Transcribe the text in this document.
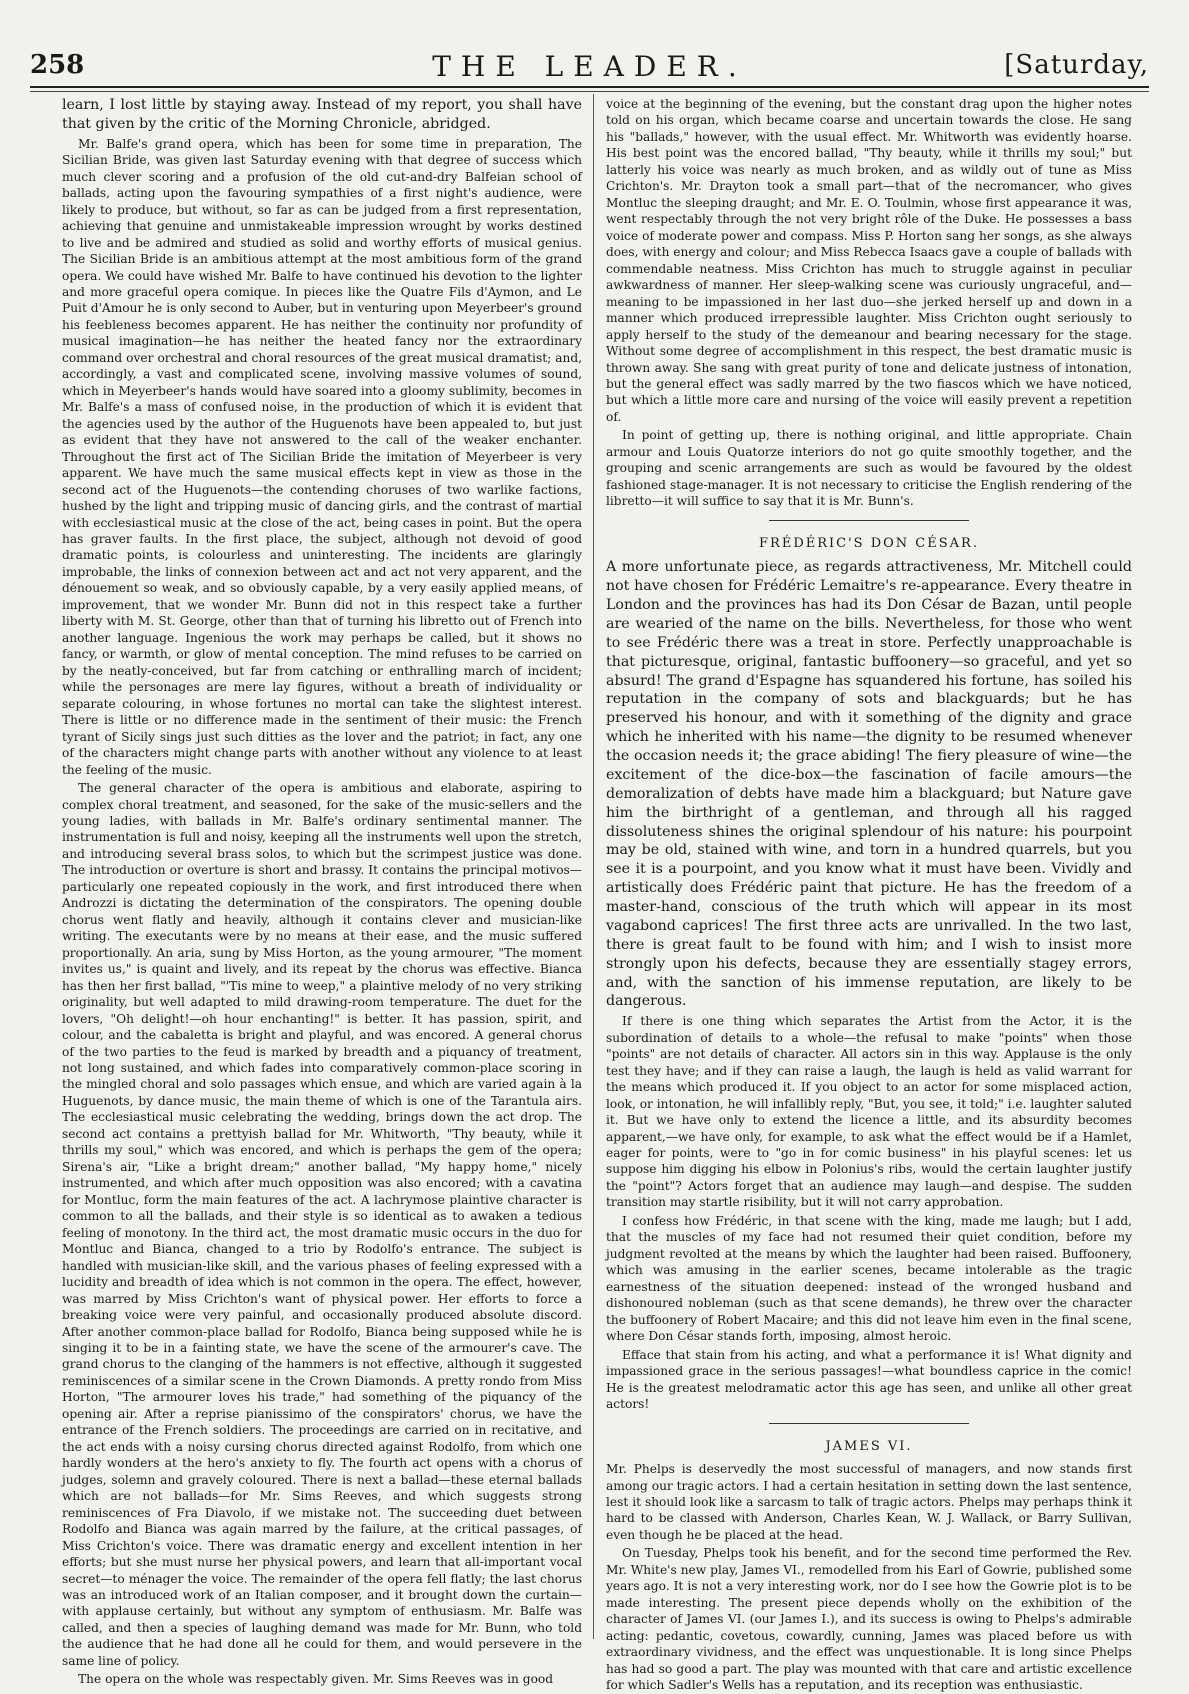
258	THE LEADER.	[Saturday,

learn, I lost little by staying away. Instead of my report, you shall have that given by the critic of the Morning Chronicle, abridged.

Mr. Balfe's grand opera, which has been for some time in preparation, The Sicilian Bride, was given last Saturday evening with that degree of success which much clever scoring and a profusion of the old cut-and-dry Balfeian school of ballads, acting upon the favouring sympathies of a first night's audience, were likely to produce, but without, so far as can be judged from a first representation, achieving that genuine and unmistakeable impression wrought by works destined to live and be admired and studied as solid and worthy efforts of musical genius. The Sicilian Bride is an ambitious attempt at the most ambitious form of the grand opera. We could have wished Mr. Balfe to have continued his devotion to the lighter and more graceful opera comique. In pieces like the Quatre Fils d'Aymon, and Le Puit d'Amour he is only second to Auber, but in venturing upon Meyerbeer's ground his feebleness becomes apparent. He has neither the continuity nor profundity of musical imagination—he has neither the heated fancy nor the extraordinary command over orchestral and choral resources of the great musical dramatist; and, accordingly, a vast and complicated scene, involving massive volumes of sound, which in Meyerbeer's hands would have soared into a gloomy sublimity, becomes in Mr. Balfe's a mass of confused noise, in the production of which it is evident that the agencies used by the author of the Huguenots have been appealed to, but just as evident that they have not answered to the call of the weaker enchanter. Throughout the first act of The Sicilian Bride the imitation of Meyerbeer is very apparent. We have much the same musical effects kept in view as those in the second act of the Huguenots—the contending choruses of two warlike factions, hushed by the light and tripping music of dancing girls, and the contrast of martial with ecclesiastical music at the close of the act, being cases in point. But the opera has graver faults. In the first place, the subject, although not devoid of good dramatic points, is colourless and uninteresting. The incidents are glaringly improbable, the links of connexion between act and act not very apparent, and the dénouement so weak, and so obviously capable, by a very easily applied means, of improvement, that we wonder Mr. Bunn did not in this respect take a further liberty with M. St. George, other than that of turning his libretto out of French into another language. Ingenious the work may perhaps be called, but it shows no fancy, or warmth, or glow of mental conception. The mind refuses to be carried on by the neatly-conceived, but far from catching or enthralling march of incident; while the personages are mere lay figures, without a breath of individuality or separate colouring, in whose fortunes no mortal can take the slightest interest. There is little or no difference made in the sentiment of their music: the French tyrant of Sicily sings just such ditties as the lover and the patriot; in fact, any one of the characters might change parts with another without any violence to at least the feeling of the music.

The general character of the opera is ambitious and elaborate, aspiring to complex choral treatment, and seasoned, for the sake of the music-sellers and the young ladies, with ballads in Mr. Balfe's ordinary sentimental manner. The instrumentation is full and noisy, keeping all the instruments well upon the stretch, and introducing several brass solos, to which but the scrimpest justice was done. The introduction or overture is short and brassy. It contains the principal motivos—particularly one repeated copiously in the work, and first introduced there when Androzzi is dictating the determination of the conspirators. The opening double chorus went flatly and heavily, although it contains clever and musician-like writing. The executants were by no means at their ease, and the music suffered proportionally. An aria, sung by Miss Horton, as the young armourer, "The moment invites us," is quaint and lively, and its repeat by the chorus was effective. Bianca has then her first ballad, "'Tis mine to weep," a plaintive melody of no very striking originality, but well adapted to mild drawing-room temperature. The duet for the lovers, "Oh delight!—oh hour enchanting!" is better. It has passion, spirit, and colour, and the cabaletta is bright and playful, and was encored. A general chorus of the two parties to the feud is marked by breadth and a piquancy of treatment, not long sustained, and which fades into comparatively common-place scoring in the mingled choral and solo passages which ensue, and which are varied again à la Huguenots, by dance music, the main theme of which is one of the Tarantula airs. The ecclesiastical music celebrating the wedding, brings down the act drop. The second act contains a prettyish ballad for Mr. Whitworth, "Thy beauty, while it thrills my soul," which was encored, and which is perhaps the gem of the opera; Sirena's air, "Like a bright dream;" another ballad, "My happy home," nicely instrumented, and which after much opposition was also encored; with a cavatina for Montluc, form the main features of the act. A lachrymose plaintive character is common to all the ballads, and their style is so identical as to awaken a tedious feeling of monotony. In the third act, the most dramatic music occurs in the duo for Montluc and Bianca, changed to a trio by Rodolfo's entrance. The subject is handled with musician-like skill, and the various phases of feeling expressed with a lucidity and breadth of idea which is not common in the opera. The effect, however, was marred by Miss Crichton's want of physical power. Her efforts to force a breaking voice were very painful, and occasionally produced absolute discord. After another common-place ballad for Rodolfo, Bianca being supposed while he is singing it to be in a fainting state, we have the scene of the armourer's cave. The grand chorus to the clanging of the hammers is not effective, although it suggested reminiscences of a similar scene in the Crown Diamonds. A pretty rondo from Miss Horton, "The armourer loves his trade," had something of the piquancy of the opening air. After a reprise pianissimo of the conspirators' chorus, we have the entrance of the French soldiers. The proceedings are carried on in recitative, and the act ends with a noisy cursing chorus directed against Rodolfo, from which one hardly wonders at the hero's anxiety to fly. The fourth act opens with a chorus of judges, solemn and gravely coloured. There is next a ballad—these eternal ballads which are not ballads—for Mr. Sims Reeves, and which suggests strong reminiscences of Fra Diavolo, if we mistake not. The succeeding duet between Rodolfo and Bianca was again marred by the failure, at the critical passages, of Miss Crichton's voice. There was dramatic energy and excellent intention in her efforts; but she must nurse her physical powers, and learn that all-important vocal secret—to ménager the voice. The remainder of the opera fell flatly; the last chorus was an introduced work of an Italian composer, and it brought down the curtain—with applause certainly, but without any symptom of enthusiasm. Mr. Balfe was called, and then a species of laughing demand was made for Mr. Bunn, who told the audience that he had done all he could for them, and would persevere in the same line of policy.

The opera on the whole was respectably given. Mr. Sims Reeves was in good

voice at the beginning of the evening, but the constant drag upon the higher notes told on his organ, which became coarse and uncertain towards the close. He sang his "ballads," however, with the usual effect. Mr. Whitworth was evidently hoarse. His best point was the encored ballad, "Thy beauty, while it thrills my soul;" but latterly his voice was nearly as much broken, and as wildly out of tune as Miss Crichton's. Mr. Drayton took a small part—that of the necromancer, who gives Montluc the sleeping draught; and Mr. E. O. Toulmin, whose first appearance it was, went respectably through the not very bright rôle of the Duke. He possesses a bass voice of moderate power and compass. Miss P. Horton sang her songs, as she always does, with energy and colour; and Miss Rebecca Isaacs gave a couple of ballads with commendable neatness. Miss Crichton has much to struggle against in peculiar awkwardness of manner. Her sleep-walking scene was curiously ungraceful, and—meaning to be impassioned in her last duo—she jerked herself up and down in a manner which produced irrepressible laughter. Miss Crichton ought seriously to apply herself to the study of the demeanour and bearing necessary for the stage. Without some degree of accomplishment in this respect, the best dramatic music is thrown away. She sang with great purity of tone and delicate justness of intonation, but the general effect was sadly marred by the two fiascos which we have noticed, but which a little more care and nursing of the voice will easily prevent a repetition of.

In point of getting up, there is nothing original, and little appropriate. Chain armour and Louis Quatorze interiors do not go quite smoothly together, and the grouping and scenic arrangements are such as would be favoured by the oldest fashioned stage-manager. It is not necessary to criticise the English rendering of the libretto—it will suffice to say that it is Mr. Bunn's.

FRÉDÉRIC'S DON CÉSAR.

A more unfortunate piece, as regards attractiveness, Mr. Mitchell could not have chosen for Frédéric Lemaitre's re-appearance. Every theatre in London and the provinces has had its Don César de Bazan, until people are wearied of the name on the bills. Nevertheless, for those who went to see Frédéric there was a treat in store. Perfectly unapproachable is that picturesque, original, fantastic buffoonery—so graceful, and yet so absurd! The grand d'Espagne has squandered his fortune, has soiled his reputation in the company of sots and blackguards; but he has preserved his honour, and with it something of the dignity and grace which he inherited with his name—the dignity to be resumed whenever the occasion needs it; the grace abiding! The fiery pleasure of wine—the excitement of the dice-box—the fascination of facile amours—the demoralization of debts have made him a blackguard; but Nature gave him the birthright of a gentleman, and through all his ragged dissoluteness shines the original splendour of his nature: his pourpoint may be old, stained with wine, and torn in a hundred quarrels, but you see it is a pourpoint, and you know what it must have been. Vividly and artistically does Frédéric paint that picture. He has the freedom of a master-hand, conscious of the truth which will appear in its most vagabond caprices! The first three acts are unrivalled. In the two last, there is great fault to be found with him; and I wish to insist more strongly upon his defects, because they are essentially stagey errors, and, with the sanction of his immense reputation, are likely to be dangerous.

If there is one thing which separates the Artist from the Actor, it is the subordination of details to a whole—the refusal to make "points" when those "points" are not details of character. All actors sin in this way. Applause is the only test they have; and if they can raise a laugh, the laugh is held as valid warrant for the means which produced it. If you object to an actor for some misplaced action, look, or intonation, he will infallibly reply, "But, you see, it told;" i.e. laughter saluted it. But we have only to extend the licence a little, and its absurdity becomes apparent,—we have only, for example, to ask what the effect would be if a Hamlet, eager for points, were to "go in for comic business" in his playful scenes: let us suppose him digging his elbow in Polonius's ribs, would the certain laughter justify the "point"? Actors forget that an audience may laugh—and despise. The sudden transition may startle risibility, but it will not carry approbation.

I confess how Frédéric, in that scene with the king, made me laugh; but I add, that the muscles of my face had not resumed their quiet condition, before my judgment revolted at the means by which the laughter had been raised. Buffoonery, which was amusing in the earlier scenes, became intolerable as the tragic earnestness of the situation deepened: instead of the wronged husband and dishonoured nobleman (such as that scene demands), he threw over the character the buffoonery of Robert Macaire; and this did not leave him even in the final scene, where Don César stands forth, imposing, almost heroic.

Efface that stain from his acting, and what a performance it is! What dignity and impassioned grace in the serious passages!—what boundless caprice in the comic! He is the greatest melodramatic actor this age has seen, and unlike all other great actors!

JAMES VI.

Mr. Phelps is deservedly the most successful of managers, and now stands first among our tragic actors. I had a certain hesitation in setting down the last sentence, lest it should look like a sarcasm to talk of tragic actors. Phelps may perhaps think it hard to be classed with Anderson, Charles Kean, W. J. Wallack, or Barry Sullivan, even though he be placed at the head.

On Tuesday, Phelps took his benefit, and for the second time performed the Rev. Mr. White's new play, James VI., remodelled from his Earl of Gowrie, published some years ago. It is not a very interesting work, nor do I see how the Gowrie plot is to be made interesting. The present piece depends wholly on the exhibition of the character of James VI. (our James I.), and its success is owing to Phelps's admirable acting: pedantic, covetous, cowardly, cunning, James was placed before us with extraordinary vividness, and the effect was unquestionable. It is long since Phelps has had so good a part. The play was mounted with that care and artistic excellence for which Sadler's Wells has a reputation, and its reception was enthusiastic.
